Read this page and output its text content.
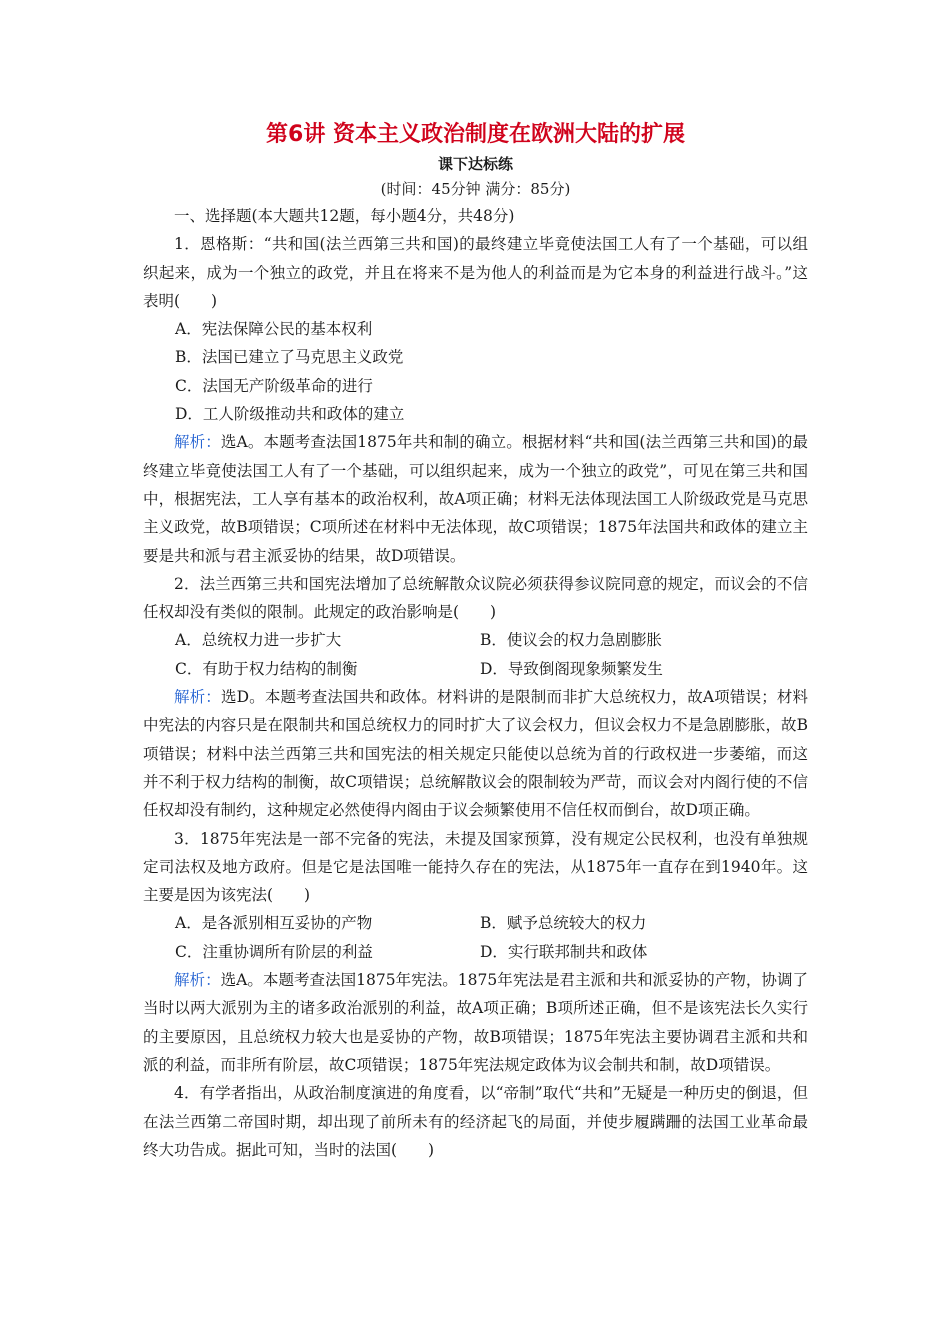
第6讲 资本主义政治制度在欧洲大陆的扩展
课下达标练
(时间：45分钟 满分：85分)

一、选择题(本大题共12题，每小题4分，共48分)

1．恩格斯：“共和国(法兰西第三共和国)的最终建立毕竟使法国工人有了一个基础，可以组织起来，成为一个独立的政党，并且在将来不是为他人的利益而是为它本身的利益进行战斗。”这表明(　　)

A．宪法保障公民的基本权利

B．法国已建立了马克思主义政党

C．法国无产阶级革命的进行

D．工人阶级推动共和政体的建立

解析：选A。本题考查法国1875年共和制的确立。根据材料“共和国(法兰西第三共和国)的最终建立毕竟使法国工人有了一个基础，可以组织起来，成为一个独立的政党”，可见在第三共和国中，根据宪法，工人享有基本的政治权利，故A项正确；材料无法体现法国工人阶级政党是马克思主义政党，故B项错误；C项所述在材料中无法体现，故C项错误；1875年法国共和政体的建立主要是共和派与君主派妥协的结果，故D项错误。

2．法兰西第三共和国宪法增加了总统解散众议院必须获得参议院同意的规定，而议会的不信任权却没有类似的限制。此规定的政治影响是(　　)

A．总统权力进一步扩大	B．使议会的权力急剧膨胀
C．有助于权力结构的制衡	D．导致倒阁现象频繁发生

解析：选D。本题考查法国共和政体。材料讲的是限制而非扩大总统权力，故A项错误；材料中宪法的内容只是在限制共和国总统权力的同时扩大了议会权力，但议会权力不是急剧膨胀，故B项错误；材料中法兰西第三共和国宪法的相关规定只能使以总统为首的行政权进一步萎缩，而这并不利于权力结构的制衡，故C项错误；总统解散议会的限制较为严苛，而议会对内阁行使的不信任权却没有制约，这种规定必然使得内阁由于议会频繁使用不信任权而倒台，故D项正确。

3．1875年宪法是一部不完备的宪法，未提及国家预算，没有规定公民权利，也没有单独规定司法权及地方政府。但是它是法国唯一能持久存在的宪法，从1875年一直存在到1940年。这主要是因为该宪法(　　)

A．是各派别相互妥协的产物	B．赋予总统较大的权力
C．注重协调所有阶层的利益	D．实行联邦制共和政体

解析：选A。本题考查法国1875年宪法。1875年宪法是君主派和共和派妥协的产物，协调了当时以两大派别为主的诸多政治派别的利益，故A项正确；B项所述正确，但不是该宪法长久实行的主要原因，且总统权力较大也是妥协的产物，故B项错误；1875年宪法主要协调君主派和共和派的利益，而非所有阶层，故C项错误；1875年宪法规定政体为议会制共和制，故D项错误。

4．有学者指出，从政治制度演进的角度看，以“帝制”取代“共和”无疑是一种历史的倒退，但在法兰西第二帝国时期，却出现了前所未有的经济起飞的局面，并使步履蹒跚的法国工业革命最终大功告成。据此可知，当时的法国(　　)
